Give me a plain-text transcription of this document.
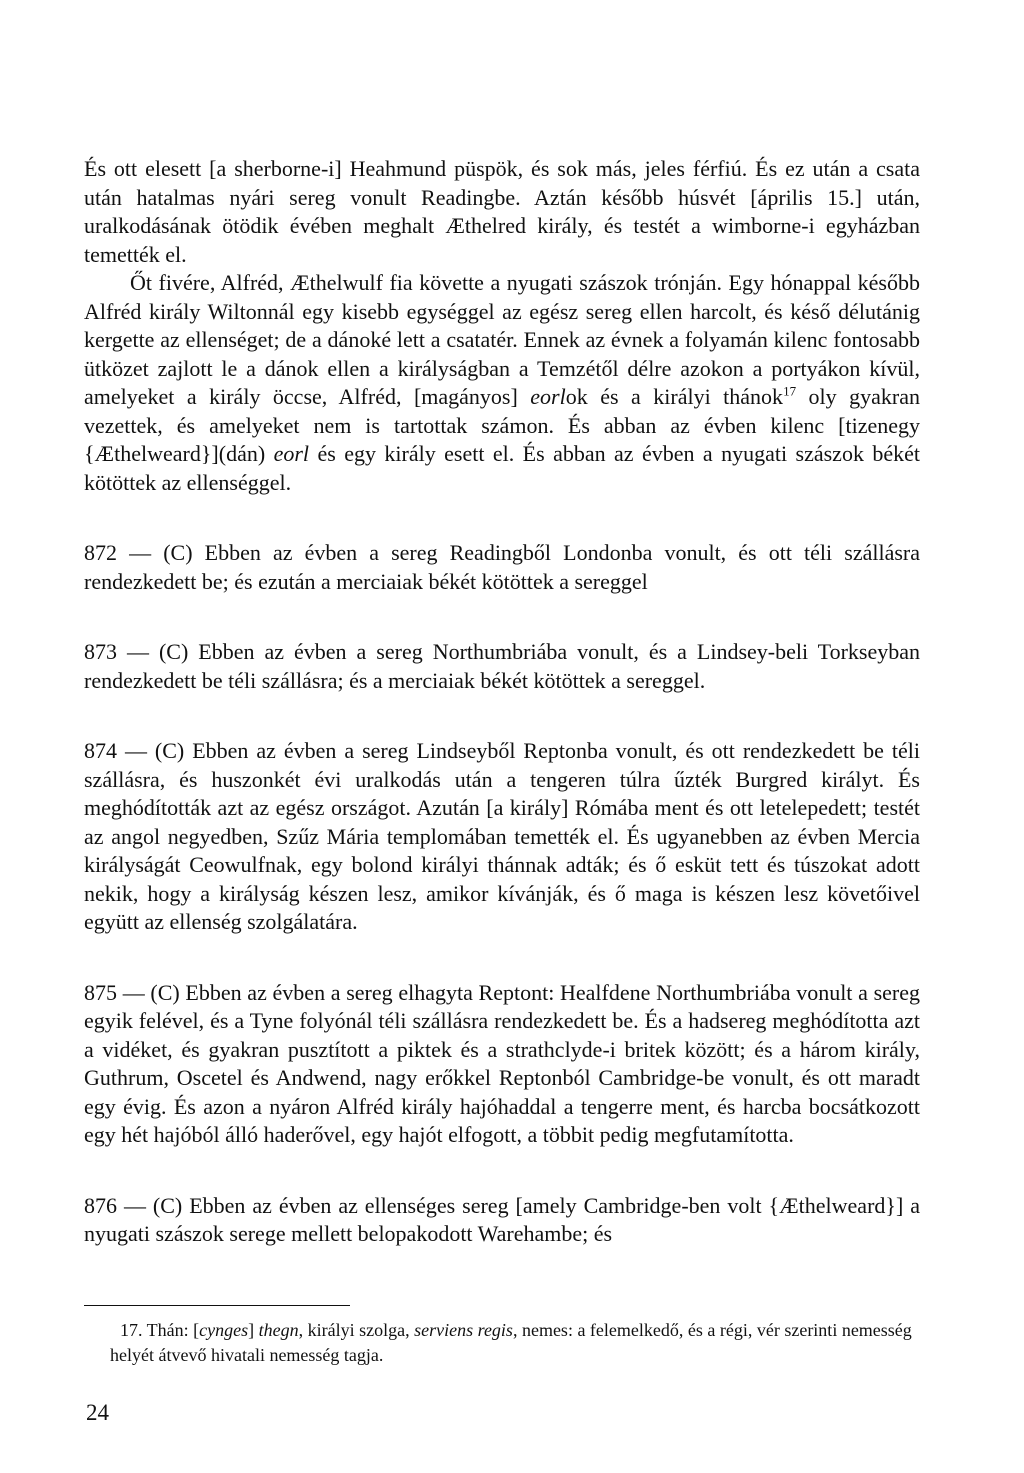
És ott elesett [a sherborne-i] Heahmund püspök, és sok más, jeles férfiú. És ez után a csata után hatalmas nyári sereg vonult Readingbe. Aztán később húsvét [április 15.] után, uralkodásának ötödik évében meghalt Æthelred király, és testét a wimborne-i egyházban temették el.

Őt fivére, Alfréd, Æthelwulf fia követte a nyugati szászok trónján. Egy hónappal később Alfréd király Wiltonnál egy kisebb egységgel az egész sereg ellen harcolt, és késő délutánig kergette az ellenséget; de a dánoké lett a csatatér. Ennek az évnek a folyamán kilenc fontosabb ütközet zajlott le a dánok ellen a királyságban a Temzétől délre azokon a portyákon kívül, amelyeket a király öccse, Alfréd, [magányos] eorlok és a királyi thánok$^{17}$ oly gyakran vezettek, és amelyeket nem is tartottak számon. És abban az évben kilenc [tizenegy {Æthelweard}](dán) eorl és egy király esett el. És abban az évben a nyugati szászok békét kötöttek az ellenséggel.

872 — (C) Ebben az évben a sereg Readingből Londonba vonult, és ott téli szállásra rendezkedett be; és ezután a merciaiak békét kötöttek a sereggel

873 — (C) Ebben az évben a sereg Northumbriába vonult, és a Lindsey-beli Torkseyban rendezkedett be téli szállásra; és a merciaiak békét kötöttek a sereggel.

874 — (C) Ebben az évben a sereg Lindseyből Reptonba vonult, és ott rendezkedett be téli szállásra, és huszonkét évi uralkodás után a tengeren túlra űzték Burgred királyt. És meghódították azt az egész országot. Azután [a király] Rómába ment és ott letelepedett; testét az angol negyedben, Szűz Mária templomában temették el. És ugyanebben az évben Mercia királyságát Ceowulfnak, egy bolond királyi thánnak adták; és ő esküt tett és túszokat adott nekik, hogy a királyság készen lesz, amikor kívánják, és ő maga is készen lesz követőivel együtt az ellenség szolgálatára.

875 — (C) Ebben az évben a sereg elhagyta Reptont: Healfdene Northumbriába vonult a sereg egyik felével, és a Tyne folyónál téli szállásra rendezkedett be. És a hadsereg meghódította azt a vidéket, és gyakran pusztított a piktek és a strathclyde-i britek között; és a három király, Guthrum, Oscetel és Andwend, nagy erőkkel Reptonból Cambridge-be vonult, és ott maradt egy évig. És azon a nyáron Alfréd király hajóhaddal a tengerre ment, és harcba bocsátkozott egy hét hajóból álló haderővel, egy hajót elfogott, a többit pedig megfutamította.

876 — (C) Ebben az évben az ellenséges sereg [amely Cambridge-ben volt {Æthelweard}] a nyugati szászok serege mellett belopakodott Warehambe; és

17. Thán: [cynges] thegn, királyi szolga, serviens regis, nemes: a felemelkedő, és a régi, vér szerinti nemesség helyét átvevő hivatali nemesség tagja.

24
